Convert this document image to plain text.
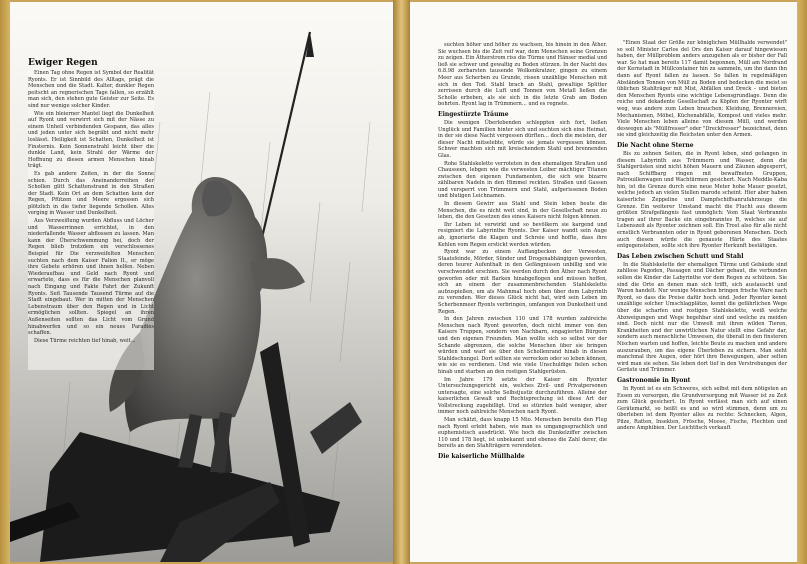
Ewiger Regen

Einen Tag ohne Regen ist Symbol der Realität Ryonts. Er ist Sinnbild des Alltags, prägt die Menschen und die Stadt. Kalter, dunkler Regen peitscht an regnerischen Tage fallen, so erzählt man sich, den stehen gute Geister zur Seite. Es sind nur wenige solcher Kinder.

Wie ein bleierner Mantel liegt die Dunkelheit auf Ryont und verwirrt sich mit der Nässe zu einem Unheil verbindenden Gespann, das alles und jeden unter sich begräbt und nicht mehr loslässt. Heiligkeit ist Schatten, Dunkelheit ist Finsternis. Kein Sonnenstrahl leicht über die dunkle Land, kein Strahl der Wärme der Hoffnung zu diesen armen Menschen hinab trägt.

Es gab andere Zeiten, in der die Sonne schien. Durch das Aneinanderreihen der Schollen glitt Schattenstrand in den Straßen der Stadt. Kein Ort an dem Schatten kein der Regen, Pfützen und Meere ergossen sich plötzlich in die tiefer liegende Schollen. Alles verging in Wasser und Dunkelheit.

Aus Verzweiflung wurden Abfluss und Löcher und Wasserrinnen errichtet, in den niederfallende Wasser abflossen zu lassen. Man kann der Überschwemmung bei, doch der Regen blieb trotzdem ein verschlossenes Beispiel für Die verzweifelten Menschen suchten nach dem Kaiser Falion II., er möge ihre Gebete erhören und ihnen helfen. Neben Wiederaufbau und Geld nach Ryont und erwartete, dass es für die Menschen planvoll nach Eingang und Fakte Fahrt der Zukunft Ryonts. Seit Tausende Tausend Türme auf die Stadt eingebaut. Wer in mitten der Menschen Lebenstraum über den Regen und in Licht ermöglichen sollten. Spiegel an ihren Außenseiten sollten das Licht vom Grund hinabwerfen und so ein neues Paradies schaffen.

Diese Türme reichten tief hinab, weit...

suchten höher und höher zu wachsen, bis hinein in den Äther. Sie wuchsen bis die Zeit reif war, dem Menschen seine Grenzen zu zeigen. Ein Ätherstrom riss die Türme und Hänser medial und ließ sie schwer und gewaltig zu Boden stürzen. In der Nacht des 6.8.98 zerbarsten tausende Wolkenkratzer, gingen zu einem Meer aus Scherben zu Grunde, rissen unzählige Menschen mit sich in den Tod. Stahl brach an Stahl, gewaltige Splitter zerrissen durch die Luft und Tonnen von Metall ließen die Scholle erbeben, als sie sich in die letzte Grab am Boden bohrten. Ryont lag in Trümmern... und es regnete.

Eingestürzte Träume

Die wenigen Überlebenden schleppten sich fort, ließen Unglück und Familien hinter sich und suchten sich eine Heimat, in der sie diese Nacht vergessen dürften... doch die meisten, der dieser Nacht mitselebte, würde sie jemals vergessen können. Schwer machten sich mit kreischendem Stahl und brennenden Glas.

Rohe Stahlskelette verroteten in den ehemaligen Straßen und Chausseen, lebgen wie die verwesten Leiber mächtiger Titanen zwischen den eigenen Fundamenten, die sich wie bizarre zählbaren Nadeln in den Himmel reckten. Straßen und Gassen und versperrt von Trümmern und Stahl, aufgerissenen Boden und blutigen Leichnamen.

In diesem Gewirr aus Stahl und Stein leben heute die Menschen, die es nicht weit sind, in der Gesellschaft neue zu leben, die den Gesetzen des eines Kaisers nicht folgen können.

Ihr Leben ist verwirkt und so bevölkern sie kargend und resigniert die Labyrinthe Ryonts. Der Kaiser wandt sein Auge ab, ignorierte die Klagen und Schreie und hoffte, dass ihre Kehlen vom Regen erstickt werden würden.

Ryont war zu einem Auffangbecken der Verwesten, Staatsfeinde, Mörder, Sünder und Drogenabhängigen geworden, deren teurer Aufenthalt in den Gefängnissen unbillig und wie verschwendet erschien. Sie werden durch den Äther nach Ryont geworfen oder mit Barken hinabgeflogen und müssen hoffen, sich an einem der zusammenbrechenden Stahlskelette aufzuspießen, um als Mahnmal hoch oben über dem Labyrinth zu verenden. Wer dieses Glück nicht hat, wird sein Leben im Scherbenmeer Ryonts verbringen, umfangen von Dunkelheit und Regen.

In den Jahren zwischen 110 und 178 wurden zahlreiche Menschen nach Ryont geworfen, doch nicht immer von den Kaisers Truppen, sondern von Nachbarn, engagierten Bürgern und den eigenen Freunden. Man wollte sich so selbst vor der Schande abgrenzen, die solche Menschen über sie bringen würden und warf sie über den Schollenrand hinab in diesen Stahldschungel. Dort sollten sie verrecken oder so leben können, wie sie es verdienen. Und wie viele Unschuldige fielen schon hinab und starben an den rostigen Stahlgerüsten.

Im Jahre 179 setzte der Kaiser ein Ryonter Untersuchungsgericht ein, welches Zivil- und Privatpersonen untersagte, eine solche Selbstjustiz durchzuführen. Alleine der kaiserlichen Gewalt und Rechtsprechung ist diese Art der Vollstreckung zugebilligt. Und so stürzten bald weniger, aber immer noch zahlreiche Menschen nach Ryont.

Man schätzt, dass knapp 15 Mio. Menschen bereits den Flug nach Ryont erlebt haben, wie man es umgangssprachlich und euphemistisch ausdrückt. Wie hoch die Dunkelziffer zwischen 110 und 178 liegt, ist unbekannt und ebenso die Zahl derer, die bereits an den Stahlträgern verendeten.

Die kaiserliche Müllhalde

"Einen Staat der Größe zur königlichen Müllhalde verwendet" so soll Minister Carlos del Ors den Kaiser darauf hingewiesen haben, der Müllproblem anders anzugehen als er bisher der Fall war. So hat man bereits 117 damit begonnen, Müll am Nordrand der Kernstadt in Müllcontainer hin zu sammeln, um ihn dann ihn dann auf Ryont fallen zu lassen. So fallen in regelmäßigen Abständen Tonnen von Müll zu Boden und bedecken die meist so üblichen Stahlträger mit Mist, Abfällen und Dreck – und bieten den Menschen Ryonts eine wichtige Lebensgrundlage. Denn die reiche und dekadente Gesellschaft zu Köpfen der Ryonter wirft weg, was andere zum Leben brauchen: Kleidung, Brennereien, Mechanismen, Möbel, Küchenabfälle, Kompost und vieles mehr. Viele Menschen leben alleine von diesem Müll, und werden deswegen als "Müllfresser" oder "Dreckfresser" bezeichnet, denn sie sind gleichzeitig die Reichsten unter den Armen.

Die Nacht ohne Sterne

Bis zu zehnen Seiten, die in Ryont leben, sind gefangen in diesem Labyrinth aus Trümmern und Wasser, denn die Stahlgerüsten sind nicht höhen Mauern und Zäunen abgesperrt, nach Schiffbarg ringen mit bewaffneten Gruppen, Patrouillenwagen und Wachtürmen gesichert. Nach Meddle-Kaba hin, ist die Grenze durch eine neue Meter hohe Mauer gesetzt, welche jedoch an vielen Stellen marode scheint. Hier aber haben kaiserliche Zeppeline und Dampfschiffsanrufahrzeuge die Grenze. Ein weiterer Umstand macht die Flucht aus diesem größten Strafgefängnis fast unmöglich: Vom Staat Verbrannte tragen auf ihrer Backe ein eingebranntes R, welches sie auf Lebenszeit als Ryonter zeichnen soll. Ein Trost also für alle nicht ernstlich Verbrannten oder in Ryont geborenen Menschen. Doch auch diesen würde die genauste Härte des Staates entgegenstehen, sollte sich ihre Ryonter Herkunft bestätigen.

Das Leben zwischen Schutt und Stahl

In die Stahlskelette der ehemaligen Türme und Gebäude sind zahllose Pagoden, Passagen und Dächer gebaut, die verbunden sollen die Kinder die Labyrinthe vor dem Regen zu schützen. Sie sind die Orte an denen man sich trifft, sich austauscht und Waren handelt. Nur wenige Menschen bringen frische Ware nach Ryont, so dass die Preise dafür hoch sind. Jeder Ryonter kennt unzählige solcher Umschlagplätze, kennt die gefährlichen Wege über die scharfen und rostigen Stahlskelette, weiß welche Abzweigungen und Wege begehbar sind und welche zu meiden sind. Doch nicht nur die Umwelt mit ihren wilden Tieren, Krankheiten und der unwirtlichen Natur stellt eine Gefahr dar, sondern auch menschliche Umwesen, die überall in den finsteren Nischen warten und hoffen, leichte Beute zu machen und andere auszurauben, um das eigene Überleben zu sichern. Man sieht manchmal ihre Augen, oder hört ihre Bewegungen, aber selten wird man sie sehen. Sie leben dort tief in den Verstrebungen der Gerüste und Trümmer.

Gastronomie in Ryont

In Ryont ist es ein Schweres, sich selbst mit dem nötigsten an Essen zu versorgen, die Grundversorgung mit Wasser ist zu Zeit zum Glück gesichert. In Ryont verlässt man sich auf einen Gerätemarkt, so heißt es und so wird stimmen, denn um zu überleben ist dem Ryonter alles zu rechte: Schnecken, Algen, Pilze, Ratten, Insekten, Frösche, Moose, Fische, Flechten und andere Amphibien. Der Leichtfisch verkauft
